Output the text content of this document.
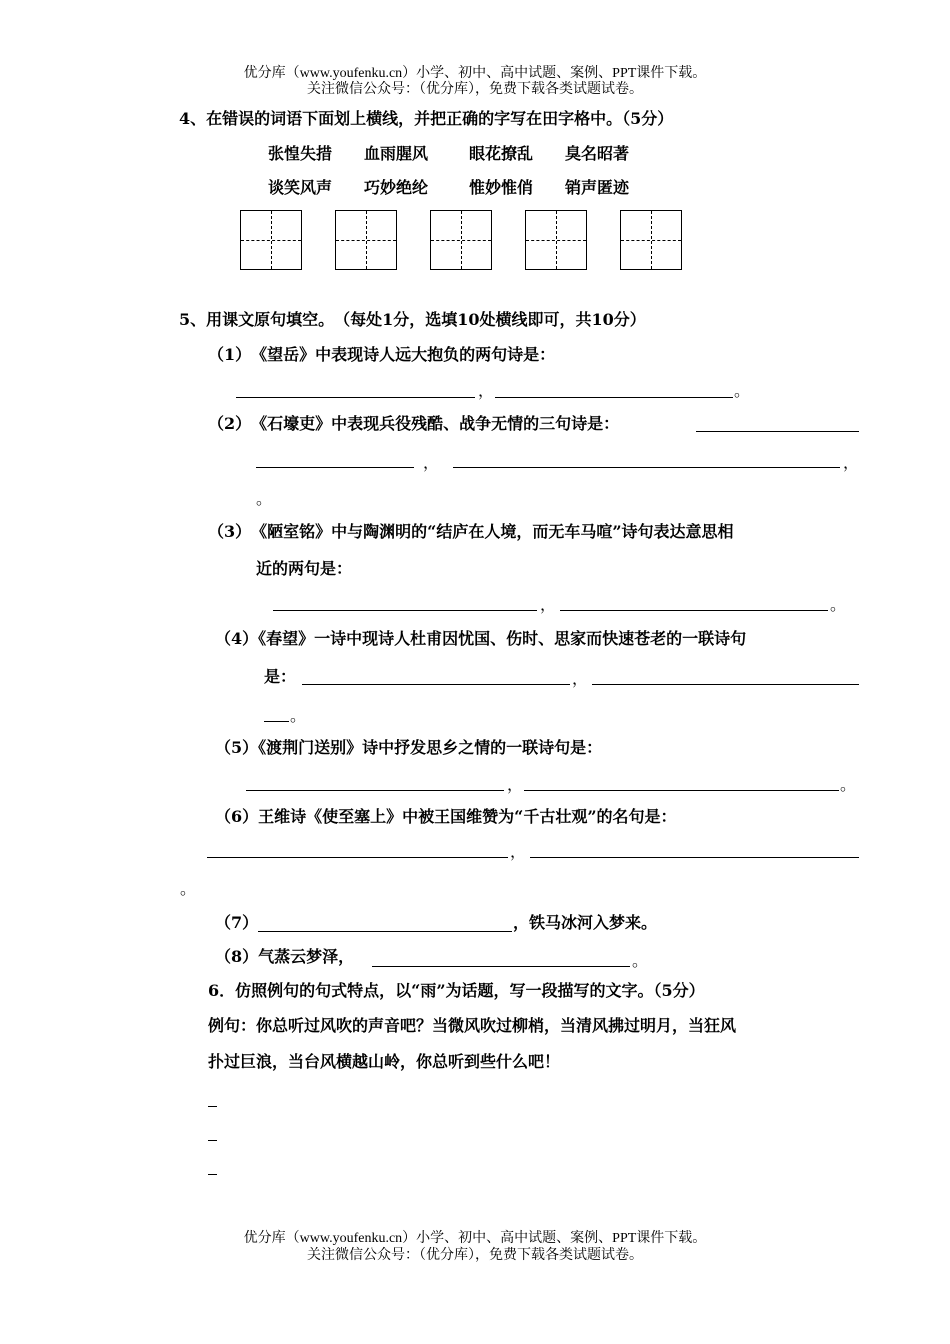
优分库（www.youfenku.cn）小学、初中、高中试题、案例、PPT课件下载。
关注微信公众号：（优分库），免费下载各类试题试卷。
4、在错误的词语下面划上横线，并把正确的字写在田字格中。（5分）
张惶失措 血雨腥风	眼花撩乱 臭名昭著
谈笑风声 巧妙绝纶	惟妙惟俏 销声匿迹
5、用课文原句填空。　（每处1分，选填10处横线即可，共10分）
（1）　《望岳》中表现诗人远大抱负的两句诗是：
，	。
（2）　《石壕吏》中表现兵役残酷、战争无情的三句诗是：
，	，
。
（3）　《陋室铭》中与陶渊明的“结庐在人境，而无车马喧”诗句表达意思相
近的两句是：
，	。
（4）《春望》一诗中现诗人杜甫因忧国、伤时、思家而快速苍老的一联诗句
是：	，
。
（5）《渡荆门送别》诗中抒发思乡之情的一联诗句是：
，	。
（6）王维诗《使至塞上》中被王国维赞为“千古壮观”的名句是：
，
。
（7）	，铁马冰河入梦来。
（8）气蒸云梦泽，	。
6．仿照例句的句式特点，以“雨”为话题，写一段描写的文字。（5分）
例句：你总听过风吹的声音吧？当微风吹过柳梢，当清风拂过明月，当狂风
扑过巨浪，当台风横越山岭，你总听到些什么吧！
优分库（www.youfenku.cn）小学、初中、高中试题、案例、PPT课件下载。
关注微信公众号：（优分库），免费下载各类试题试卷。
